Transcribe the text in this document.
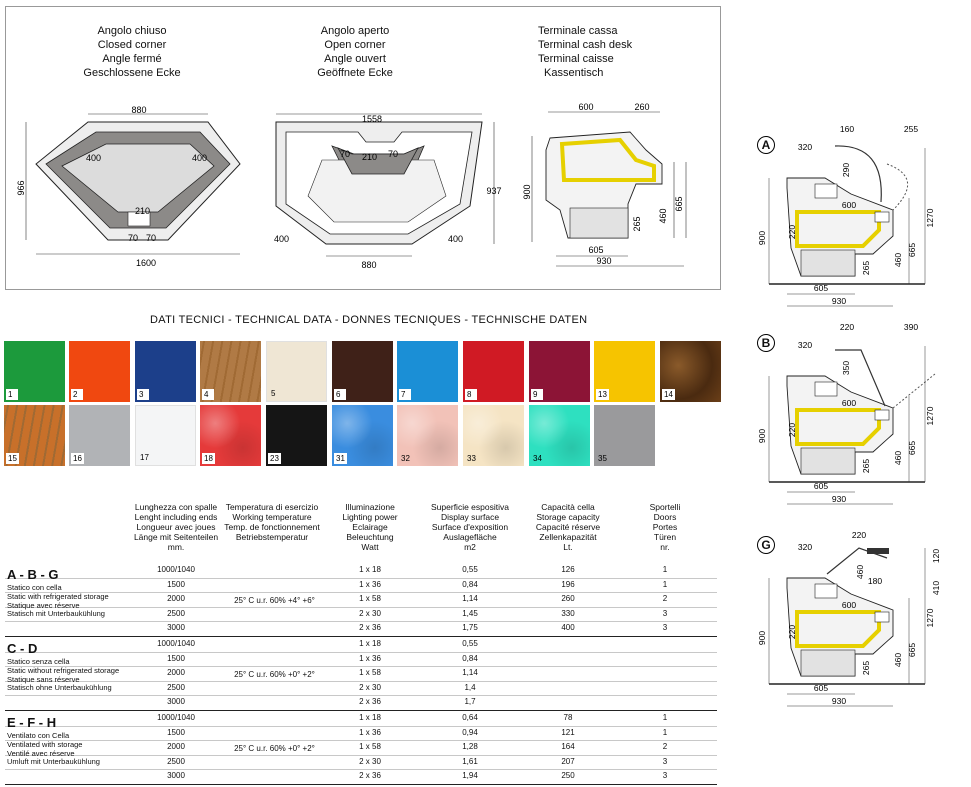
Angolo chiuso
Closed corner
Angle fermé
Geschlossene Ecke
Angolo aperto
Open corner
Angle ouvert
Geöffnete Ecke
Terminale cassa
Terminal cash desk
Terminal caisse
Kassentisch
880
966
400	400
210
70 70
1600
1558
70 210 70
937
400	400
880
600	260
900
460
665
265
605
930
DATI TECNICI - TECHNICAL DATA - DONNES TECNIQUES - TECHNISCHE DATEN
1	2	3	4	5	6	7	8	9	13	14
15	16	17	18	23	31	32	33	34	35
Lunghezza con spalle
Lenght including ends
Longueur avec joues
Länge mit Seitenteilen
mm.
Temperatura di esercizio
Working temperature
Temp. de fonctionnement
Betriebstemperatur
Illuminazione
Lighting power
Eclairage
Beleuchtung
Watt
Superficie espositiva
Display surface
Surface d'exposition
Auslagefläche
m2
Capacità cella
Storage capacity
Capacité réserve
Zellenkapazität
Lt.
Sportelli
Doors
Portes
Türen
nr.
1000/1040	1 x 18	0,55	126	1
1500	1 x 36	0,84	196	1
2000	1 x 58	1,14	260	2
2500	2 x 30	1,45	330	3
3000	2 x 36	1,75	400	3
A - B - G
Statico con cella
Static with refrigerated storage
Statique avec réserve
Statisch mit Unterbaukühlung
25° C u.r. 60% +4° +6°
1000/1040	1 x 18	0,55
1500	1 x 36	0,84
2000	1 x 58	1,14
2500	2 x 30	1,4
3000	2 x 36	1,7
C - D
Statico senza cella
Static without refrigerated storage
Statique sans réserve
Statisch ohne Unterbaukühlung
25° C u.r. 60% +0° +2°
1000/1040	1 x 18	0,64	78	1
1500	1 x 36	0,94	121	1
2000	1 x 58	1,28	164	2
2500	2 x 30	1,61	207	3
3000	2 x 36	1,94	250	3
E - F - H
Ventilato con Cella
Ventilated with storage
Ventilé avec réserve
Umluft mit Unterbaukühlung
25° C u.r. 60% +0° +2°
A
900
1270
665
460
265
220
600
605
930
320
160
290
255
B
900
1270
665
460
265
220
600
605
930
320
220
350
390
G
900
1270
665
460
265
220
600
605
930
320
220
460
180
120
410
